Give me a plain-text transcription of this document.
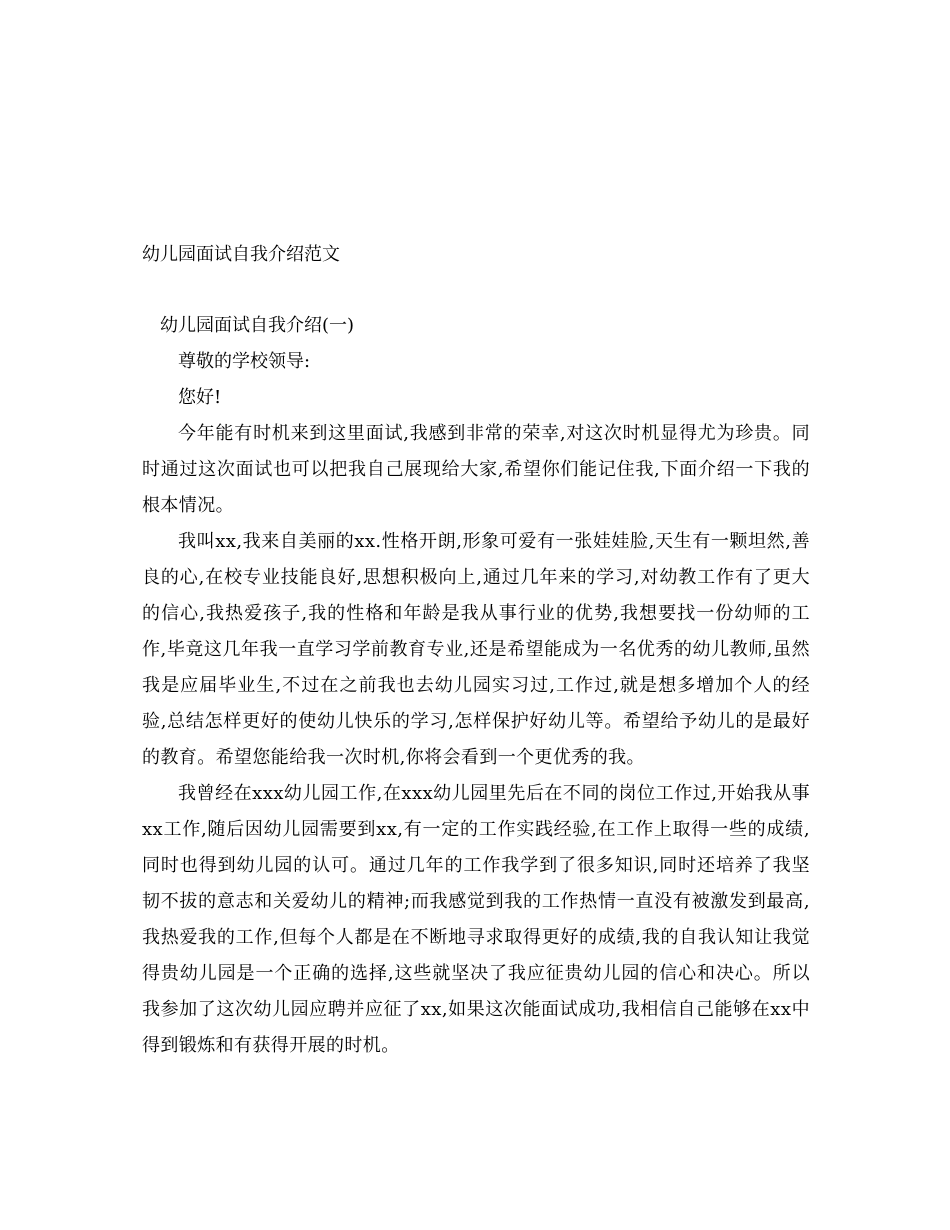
幼儿园面试自我介绍范文
幼儿园面试自我介绍(一)

尊敬的学校领导:

您好!

今年能有时机来到这里面试,我感到非常的荣幸,对这次时机显得尤为珍贵。同时通过这次面试也可以把我自己展现给大家,希望你们能记住我,下面介绍一下我的根本情况。

我叫xx,我来自美丽的xx.性格开朗,形象可爱有一张娃娃脸,天生有一颗坦然,善良的心,在校专业技能良好,思想积极向上,通过几年来的学习,对幼教工作有了更大的信心,我热爱孩子,我的性格和年龄是我从事行业的优势,我想要找一份幼师的工作,毕竟这几年我一直学习学前教育专业,还是希望能成为一名优秀的幼儿教师,虽然我是应届毕业生,不过在之前我也去幼儿园实习过,工作过,就是想多增加个人的经验,总结怎样更好的使幼儿快乐的学习,怎样保护好幼儿等。希望给予幼儿的是最好的教育。希望您能给我一次时机,你将会看到一个更优秀的我。

我曾经在xxx幼儿园工作,在xxx幼儿园里先后在不同的岗位工作过,开始我从事xx工作,随后因幼儿园需要到xx,有一定的工作实践经验,在工作上取得一些的成绩,同时也得到幼儿园的认可。通过几年的工作我学到了很多知识,同时还培养了我坚韧不拔的意志和关爱幼儿的精神;而我感觉到我的工作热情一直没有被激发到最高,我热爱我的工作,但每个人都是在不断地寻求取得更好的成绩,我的自我认知让我觉得贵幼儿园是一个正确的选择,这些就坚决了我应征贵幼儿园的信心和决心。所以我参加了这次幼儿园应聘并应征了xx,如果这次能面试成功,我相信自己能够在xx中得到锻炼和有获得开展的时机。
